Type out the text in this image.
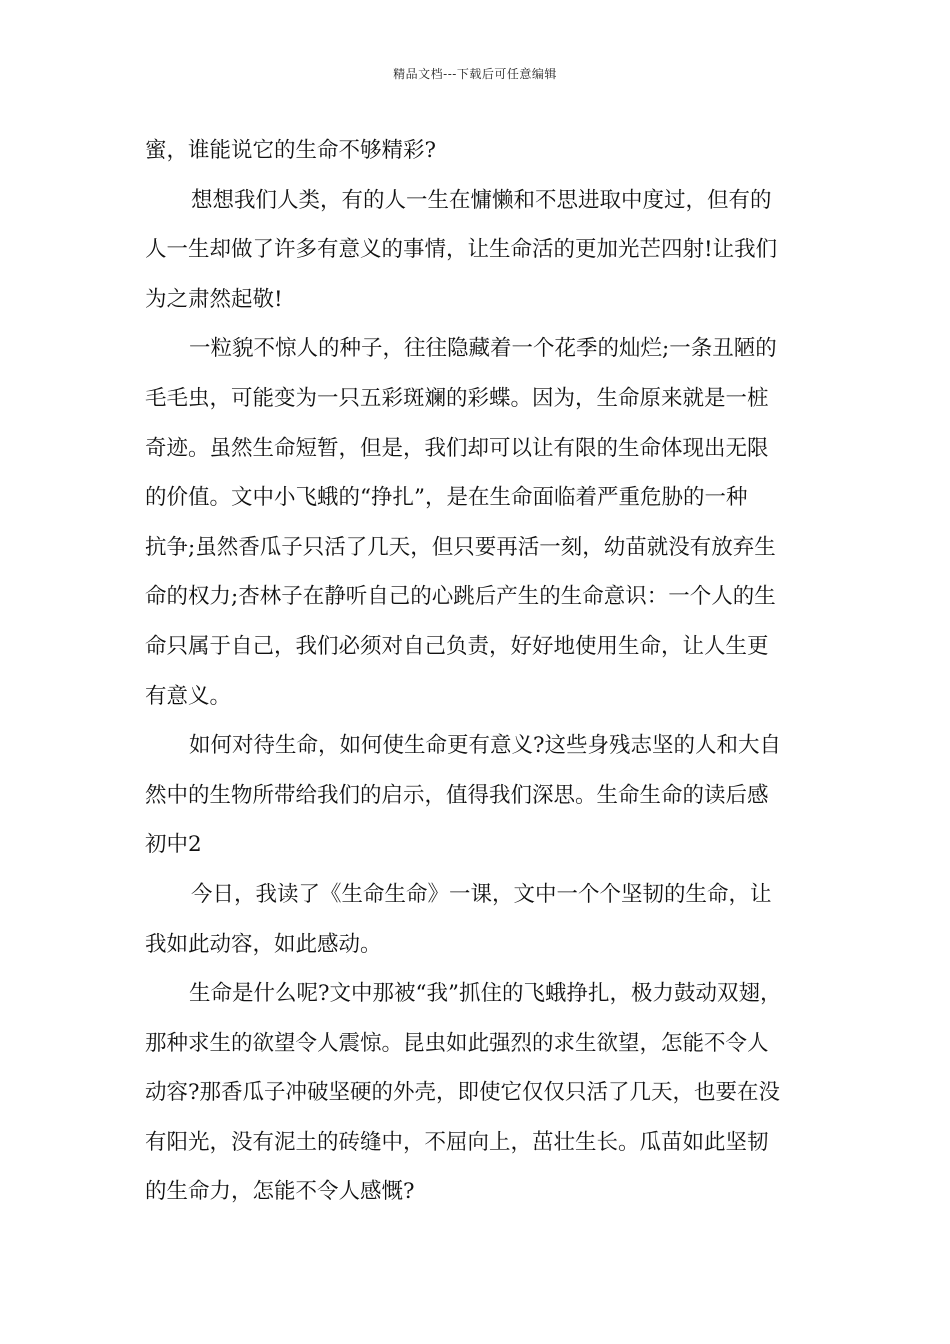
精品文档---下载后可任意编辑
蜜，谁能说它的生命不够精彩?
想想我们人类，有的人一生在慵懒和不思进取中度过，但有的
人一生却做了许多有意义的事情，让生命活的更加光芒四射!让我们
为之肃然起敬!
一粒貌不惊人的种子，往往隐藏着一个花季的灿烂;一条丑陋的
毛毛虫，可能变为一只五彩斑斓的彩蝶。因为，生命原来就是一桩
奇迹。虽然生命短暂，但是，我们却可以让有限的生命体现出无限
的价值。文中小飞蛾的“挣扎”，是在生命面临着严重危胁的一种
抗争;虽然香瓜子只活了几天，但只要再活一刻，幼苗就没有放弃生
命的权力;杏林子在静听自己的心跳后产生的生命意识：一个人的生
命只属于自己，我们必须对自己负责，好好地使用生命，让人生更
有意义。
如何对待生命，如何使生命更有意义?这些身残志坚的人和大自
然中的生物所带给我们的启示，值得我们深思。生命生命的读后感
初中2
今日，我读了《生命生命》一课，文中一个个坚韧的生命，让
我如此动容，如此感动。
生命是什么呢?文中那被“我”抓住的飞蛾挣扎，极力鼓动双翅，
那种求生的欲望令人震惊。昆虫如此强烈的求生欲望，怎能不令人
动容?那香瓜子冲破坚硬的外壳，即使它仅仅只活了几天，也要在没
有阳光，没有泥土的砖缝中，不屈向上，茁壮生长。瓜苗如此坚韧
的生命力，怎能不令人感慨?
